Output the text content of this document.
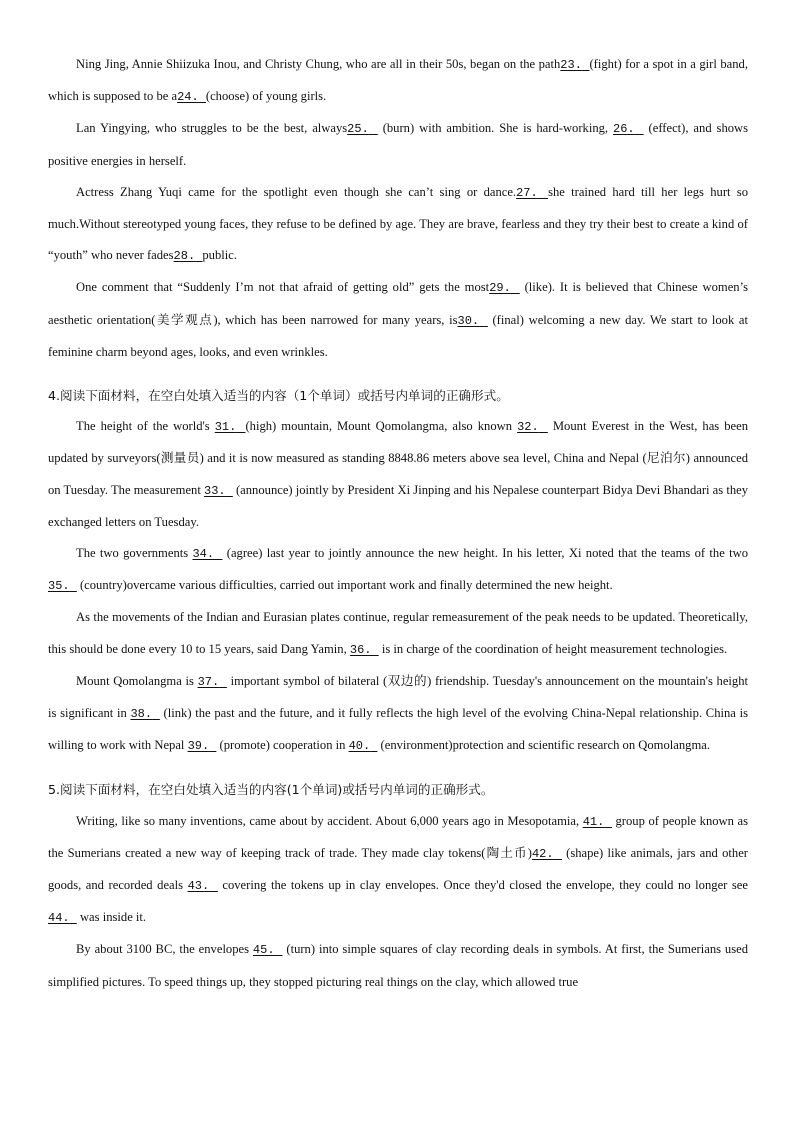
Ning Jing, Annie Shiizuka Inou, and Christy Chung, who are all in their 50s, began on the path23. (fight) for a spot in a girl band, which is supposed to be a24. (choose) of young girls.

Lan Yingying, who struggles to be the best, always25.  (burn) with ambition. She is hard-working, 26.  (effect), and shows positive energies in herself.

Actress Zhang Yuqi came for the spotlight even though she can’t sing or dance.27. she trained hard till her legs hurt so much.Without stereotyped young faces, they refuse to be defined by age. They are brave, fearless and they try their best to create a kind of “youth” who never fades28. public.

One comment that “Suddenly I’m not that afraid of getting old” gets the most29.  (like). It is believed that Chinese women’s aesthetic orientation(美学观点), which has been narrowed for many years, is30.  (final) welcoming a new day. We start to look at feminine charm beyond ages, looks, and even wrinkles.

4.阅读下面材料，在空白处填入适当的内容（1个单词）或括号内单词的正确形式。

The height of the world's 31. (high) mountain, Mount Qomolangma, also known 32.  Mount Everest in the West, has been updated by surveyors(测量员) and it is now measured as standing 8848.86 meters above sea level, China and Nepal (尼泊尔) announced on Tuesday. The measurement 33.  (announce) jointly by President Xi Jinping and his Nepalese counterpart Bidya Devi Bhandari as they exchanged letters on Tuesday.

The two governments 34.  (agree) last year to jointly announce the new height. In his letter, Xi noted that the teams of the two 35.  (country)overcame various difficulties, carried out important work and finally determined the new height.

As the movements of the Indian and Eurasian plates continue, regular remeasurement of the peak needs to be updated. Theoretically, this should be done every 10 to 15 years, said Dang Yamin, 36.  is in charge of the coordination of height measurement technologies.

Mount Qomolangma is 37.  important symbol of bilateral (双边的) friendship. Tuesday's announcement on the mountain's height is significant in 38.  (link) the past and the future, and it fully reflects the high level of the evolving China-Nepal relationship. China is willing to work with Nepal 39.  (promote) cooperation in 40.  (environment)protection and scientific research on Qomolangma.

5.阅读下面材料，在空白处填入适当的内容(1个单词)或括号内单词的正确形式。

Writing, like so many inventions, came about by accident. About 6,000 years ago in Mesopotamia, 41.  group of people known as the Sumerians created a new way of keeping track of trade. They made clay tokens(陶土币)42.  (shape) like animals, jars and other goods, and recorded deals 43.  covering the tokens up in clay envelopes. Once they'd closed the envelope, they could no longer see 44.  was inside it.

By about 3100 BC, the envelopes 45.  (turn) into simple squares of clay recording deals in symbols. At first, the Sumerians used simplified pictures. To speed things up, they stopped picturing real things on the clay, which allowed true
